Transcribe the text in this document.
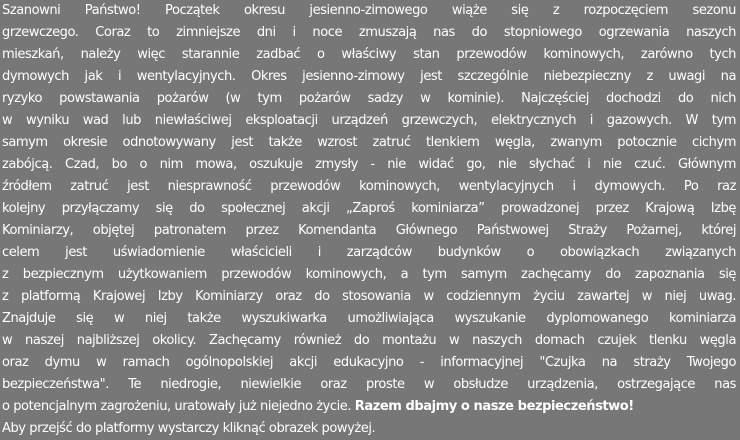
Szanowni Państwo! Początek okresu jesienno-zimowego wiąże się z rozpoczęciem sezonu
grzewczego. Coraz to zimniejsze dni i noce zmuszają nas do stopniowego ogrzewania naszych
mieszkań, należy więc starannie zadbać o właściwy stan przewodów kominowych, zarówno tych
dymowych jak i wentylacyjnych. Okres jesienno-zimowy jest szczególnie niebezpieczny z uwagi na
ryzyko powstawania pożarów (w tym pożarów sadzy w kominie). Najczęściej dochodzi do nich
w wyniku wad lub niewłaściwej eksploatacji urządzeń grzewczych, elektrycznych i gazowych. W tym
samym okresie odnotowywany jest także wzrost zatruć tlenkiem węgla, zwanym potocznie cichym
zabójcą. Czad, bo o nim mowa, oszukuje zmysły - nie widać go, nie słychać i nie czuć. Głównym
źródłem zatruć jest niesprawność przewodów kominowych, wentylacyjnych i dymowych. Po raz
kolejny przyłączamy się do społecznej akcji „Zaproś kominiarza” prowadzonej przez Krajową Izbę
Kominiarzy, objętej patronatem przez Komendanta Głównego Państwowej Straży Pożarnej, której
celem jest uświadomienie właścicieli i zarządców budynków o obowiązkach związanych
z bezpiecznym użytkowaniem przewodów kominowych, a tym samym zachęcamy do zapoznania się
z platformą Krajowej Izby Kominiarzy oraz do stosowania w codziennym życiu zawartej w niej uwag.
Znajduje się w niej także wyszukiwarka umożliwiająca wyszukanie dyplomowanego kominiarza
w naszej najbliższej okolicy. Zachęcamy również do montażu w naszych domach czujek tlenku węgla
oraz dymu w ramach ogólnopolskiej akcji edukacyjno - informacyjnej "Czujka na straży Twojego
bezpieczeństwa". Te niedrogie, niewielkie oraz proste w obsłudze urządzenia, ostrzegające nas
o potencjalnym zagrożeniu, uratowały już niejedno życie. Razem dbajmy o nasze bezpieczeństwo!
Aby przejść do platformy wystarczy kliknąć obrazek powyżej.
